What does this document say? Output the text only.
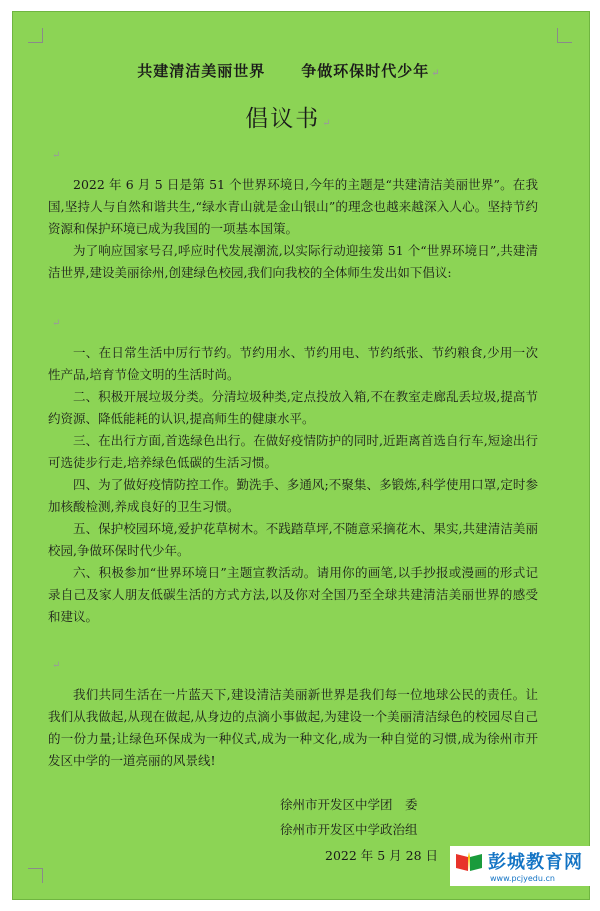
共建清洁美丽世界 争做环保时代少年 ↵
倡议书 ↵
↵

2022 年 6 月 5 日是第 51 个世界环境日,今年的主题是“共建清洁美丽世界”。在我国,坚持人与自然和谐共生,“绿水青山就是金山银山”的理念也越来越深入人心。坚持节约资源和保护环境已成为我国的一项基本国策。

为了响应国家号召,呼应时代发展潮流,以实际行动迎接第 51 个“世界环境日”,共建清洁世界,建设美丽徐州,创建绿色校园,我们向我校的全体师生发出如下倡议:

↵

一、在日常生活中厉行节约。节约用水、节约用电、节约纸张、节约粮食,少用一次性产品,培育节俭文明的生活时尚。

二、积极开展垃圾分类。分清垃圾种类,定点投放入箱,不在教室走廊乱丢垃圾,提高节约资源、降低能耗的认识,提高师生的健康水平。

三、在出行方面,首选绿色出行。在做好疫情防护的同时,近距离首选自行车,短途出行可选徒步行走,培养绿色低碳的生活习惯。

四、为了做好疫情防控工作。勤洗手、多通风;不聚集、多锻炼,科学使用口罩,定时参加核酸检测,养成良好的卫生习惯。

五、保护校园环境,爱护花草树木。不践踏草坪,不随意采摘花木、果实,共建清洁美丽校园,争做环保时代少年。

六、积极参加“世界环境日”主题宣教活动。请用你的画笔,以手抄报或漫画的形式记录自己及家人朋友低碳生活的方式方法,以及你对全国乃至全球共建清洁美丽世界的感受和建议。

↵

我们共同生活在一片蓝天下,建设清洁美丽新世界是我们每一位地球公民的责任。让我们从我做起,从现在做起,从身边的点滴小事做起,为建设一个美丽清洁绿色的校园尽自己的一份力量;让绿色环保成为一种仪式,成为一种文化,成为一种自觉的习惯,成为徐州市开发区中学的一道亮丽的风景线!

徐州市开发区中学团　委
徐州市开发区中学政治组
2022 年 5 月 28 日	彭城教育网
www.pcjyedu.cn
